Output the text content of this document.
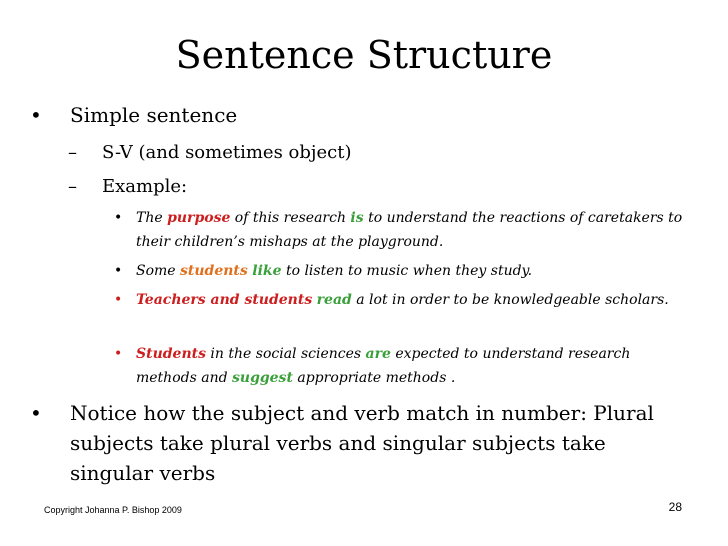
Sentence Structure
• Simple sentence
– S-V (and sometimes object)
– Example:
• The purpose of this research is to understand the reactions of caretakers to their children’s mishaps at the playground.
• Some students like to listen to music when they study.
• Teachers and students read a lot in order to be knowledgeable scholars.
• Students in the social sciences are expected to understand research methods and suggest appropriate methods .
• Notice how the subject and verb match in number: Plural subjects take plural verbs and singular subjects take singular verbs
Copyright Johanna P. Bishop 2009	28
